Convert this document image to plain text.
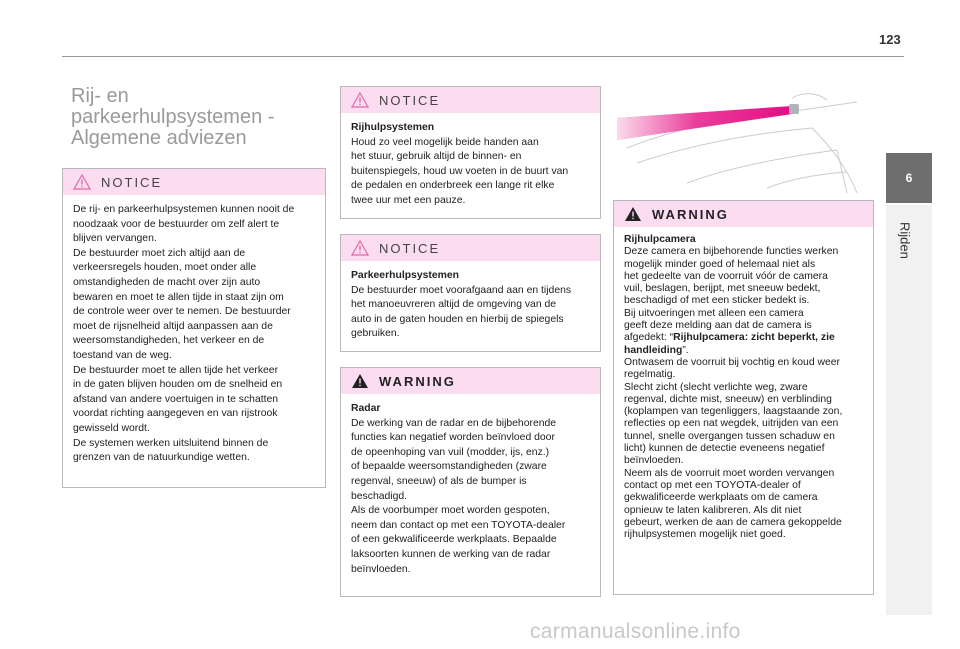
123
6
Rijden
Rij- en parkeerhulpsystemen - Algemene adviezen
NOTICE
De rij- en parkeerhulpsystemen kunnen nooit de
noodzaak voor de bestuurder om zelf alert te
blijven vervangen.
De bestuurder moet zich altijd aan de
verkeersregels houden, moet onder alle
omstandigheden de macht over zijn auto
bewaren en moet te allen tijde in staat zijn om
de controle weer over te nemen. De bestuurder
moet de rijsnelheid altijd aanpassen aan de
weersomstandigheden, het verkeer en de
toestand van de weg.
De bestuurder moet te allen tijde het verkeer
in de gaten blijven houden om de snelheid en
afstand van andere voertuigen in te schatten
voordat richting aangegeven en van rijstrook
gewisseld wordt.
De systemen werken uitsluitend binnen de
grenzen van de natuurkundige wetten.
NOTICE
Rijhulpsystemen
Houd zo veel mogelijk beide handen aan
het stuur, gebruik altijd de binnen- en
buitenspiegels, houd uw voeten in de buurt van
de pedalen en onderbreek een lange rit elke
twee uur met een pauze.
NOTICE
Parkeerhulpsystemen
De bestuurder moet voorafgaand aan en tijdens
het manoeuvreren altijd de omgeving van de
auto in de gaten houden en hierbij de spiegels
gebruiken.
WARNING
Radar
De werking van de radar en de bijbehorende
functies kan negatief worden beïnvloed door
de opeenhoping van vuil (modder, ijs, enz.)
of bepaalde weersomstandigheden (zware
regenval, sneeuw) of als de bumper is
beschadigd.
Als de voorbumper moet worden gespoten,
neem dan contact op met een TOYOTA-dealer
of een gekwalificeerde werkplaats. Bepaalde
laksoorten kunnen de werking van de radar
beïnvloeden.
WARNING
Rijhulpcamera
Deze camera en bijbehorende functies werken
mogelijk minder goed of helemaal niet als
het gedeelte van de voorruit vóór de camera
vuil, beslagen, berijpt, met sneeuw bedekt,
beschadigd of met een sticker bedekt is.
Bij uitvoeringen met alleen een camera
geeft deze melding aan dat de camera is
afgedekt: “Rijhulpcamera: zicht beperkt, zie
handleiding”.
Ontwasem de voorruit bij vochtig en koud weer
regelmatig.
Slecht zicht (slecht verlichte weg, zware
regenval, dichte mist, sneeuw) en verblinding
(koplampen van tegenliggers, laagstaande zon,
reflecties op een nat wegdek, uitrijden van een
tunnel, snelle overgangen tussen schaduw en
licht) kunnen de detectie eveneens negatief
beïnvloeden.
Neem als de voorruit moet worden vervangen
contact op met een TOYOTA-dealer of
gekwalificeerde werkplaats om de camera
opnieuw te laten kalibreren. Als dit niet
gebeurt, werken de aan de camera gekoppelde
rijhulpsystemen mogelijk niet goed.
carmanualsonline.info
